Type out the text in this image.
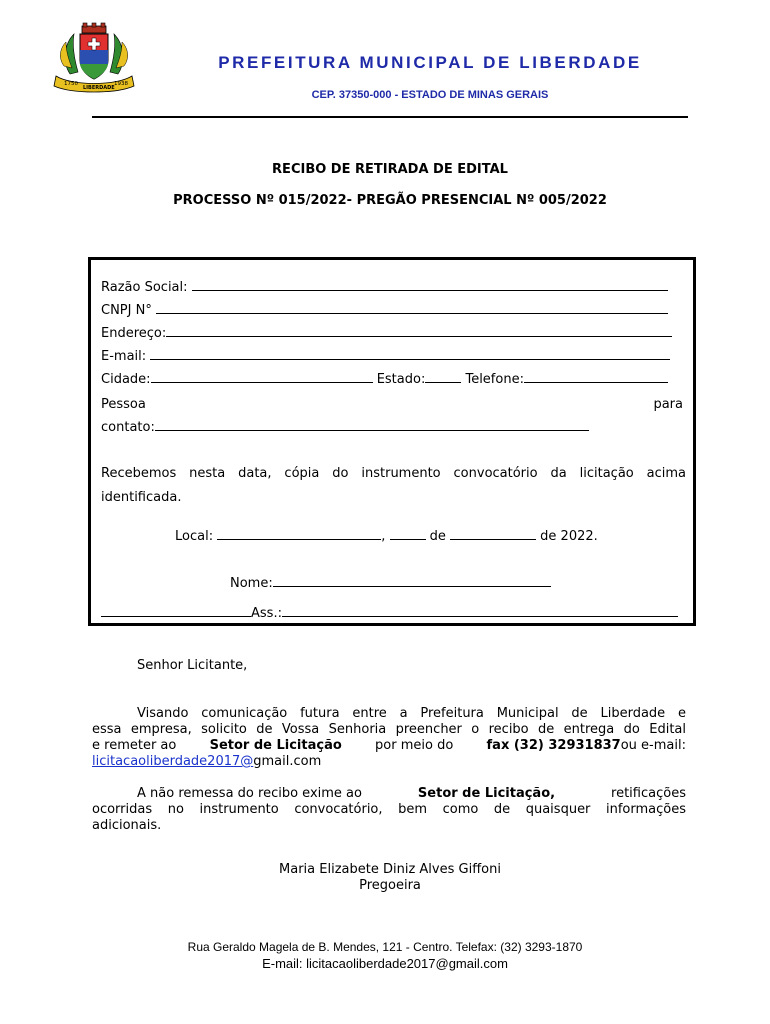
1750
LIBERDADE
1938
PREFEITURA MUNICIPAL DE LIBERDADE
CEP. 37350-000 - ESTADO DE MINAS GERAIS
RECIBO DE RETIRADA DE EDITAL
PROCESSO Nº 015/2022- PREGÃO PRESENCIAL Nº 005/2022
Razão Social:
CNPJ N°
Endereço:
E-mail:
Cidade:	Estado:	Telefone:
Pessoa	para
contato:
Recebemos nesta data, cópia do instrumento convocatório da licitação acima
identificada.
Local:	,	de	de 2022.
Nome:
Ass.:
Senhor Licitante,
Visando comunicação futura entre a Prefeitura Municipal de Liberdade e
essa empresa, solicito de Vossa Senhoria preencher o recibo de entrega do Edital
e remeter ao	Setor de Licitação	por meio do	fax (32) 32931837ou e-mail:
licitacaoliberdade2017@gmail.com
A não remessa do recibo exime ao	Setor de Licitação,	retificações
ocorridas no instrumento convocatório, bem como de quaisquer informações
adicionais.
Maria Elizabete Diniz Alves Giffoni
Pregoeira
Rua Geraldo Magela de B. Mendes, 121 - Centro. Telefax: (32) 3293-1870
E-mail: licitacaoliberdade2017@gmail.com
